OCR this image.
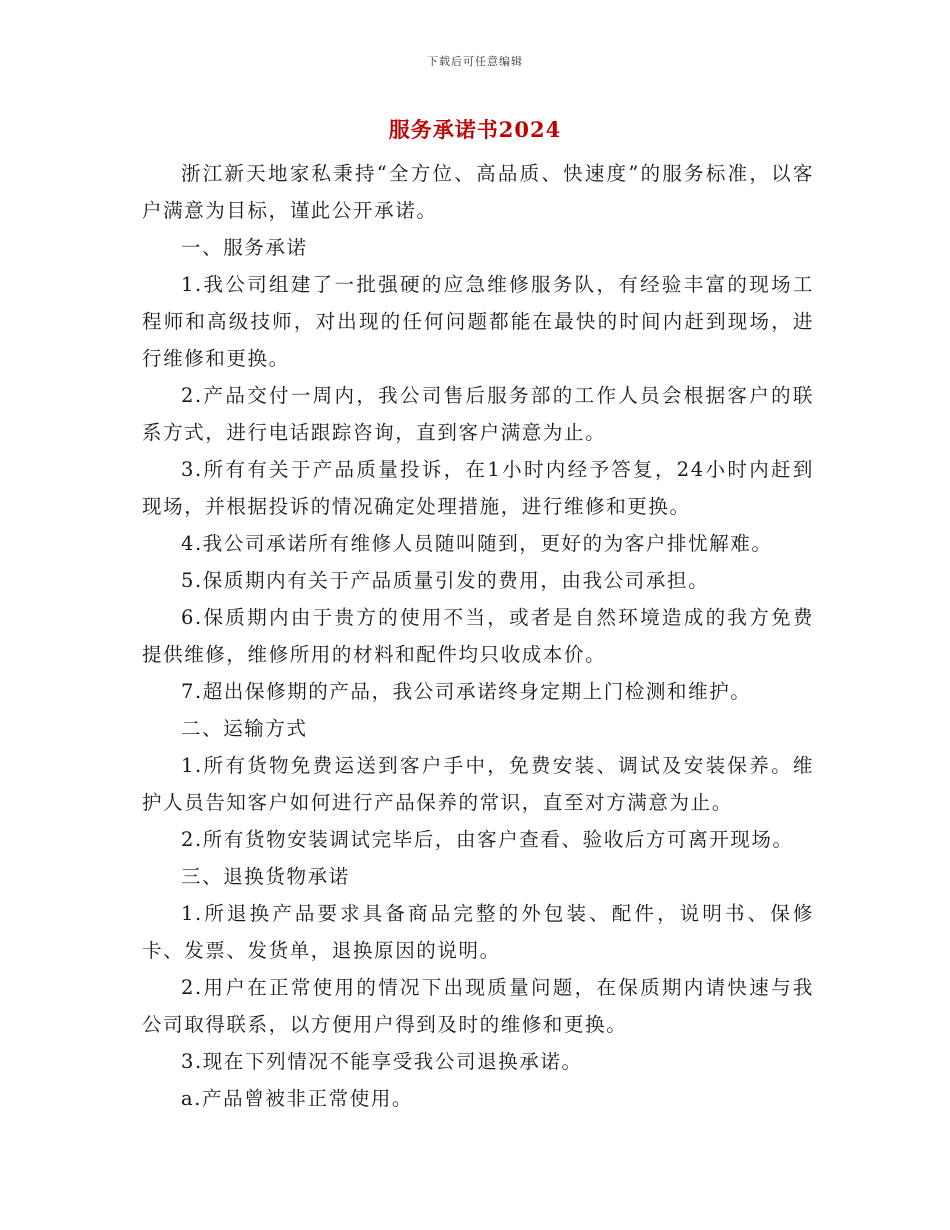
下载后可任意编辑
服务承诺书2024

浙江新天地家私秉持“全方位、高品质、快速度”的服务标准，以客户满意为目标，谨此公开承诺。

一、服务承诺

1.我公司组建了一批强硬的应急维修服务队，有经验丰富的现场工程师和高级技师，对出现的任何问题都能在最快的时间内赶到现场，进行维修和更换。

2.产品交付一周内，我公司售后服务部的工作人员会根据客户的联系方式，进行电话跟踪咨询，直到客户满意为止。

3.所有有关于产品质量投诉，在1小时内经予答复，24小时内赶到现场，并根据投诉的情况确定处理措施，进行维修和更换。

4.我公司承诺所有维修人员随叫随到，更好的为客户排忧解难。

5.保质期内有关于产品质量引发的费用，由我公司承担。

6.保质期内由于贵方的使用不当，或者是自然环境造成的我方免费提供维修，维修所用的材料和配件均只收成本价。

7.超出保修期的产品，我公司承诺终身定期上门检测和维护。

二、运输方式

1.所有货物免费运送到客户手中，免费安装、调试及安装保养。维护人员告知客户如何进行产品保养的常识，直至对方满意为止。

2.所有货物安装调试完毕后，由客户查看、验收后方可离开现场。

三、退换货物承诺

1.所退换产品要求具备商品完整的外包装、配件，说明书、保修卡、发票、发货单，退换原因的说明。

2.用户在正常使用的情况下出现质量问题，在保质期内请快速与我公司取得联系，以方便用户得到及时的维修和更换。

3.现在下列情况不能享受我公司退换承诺。

a.产品曾被非正常使用。
